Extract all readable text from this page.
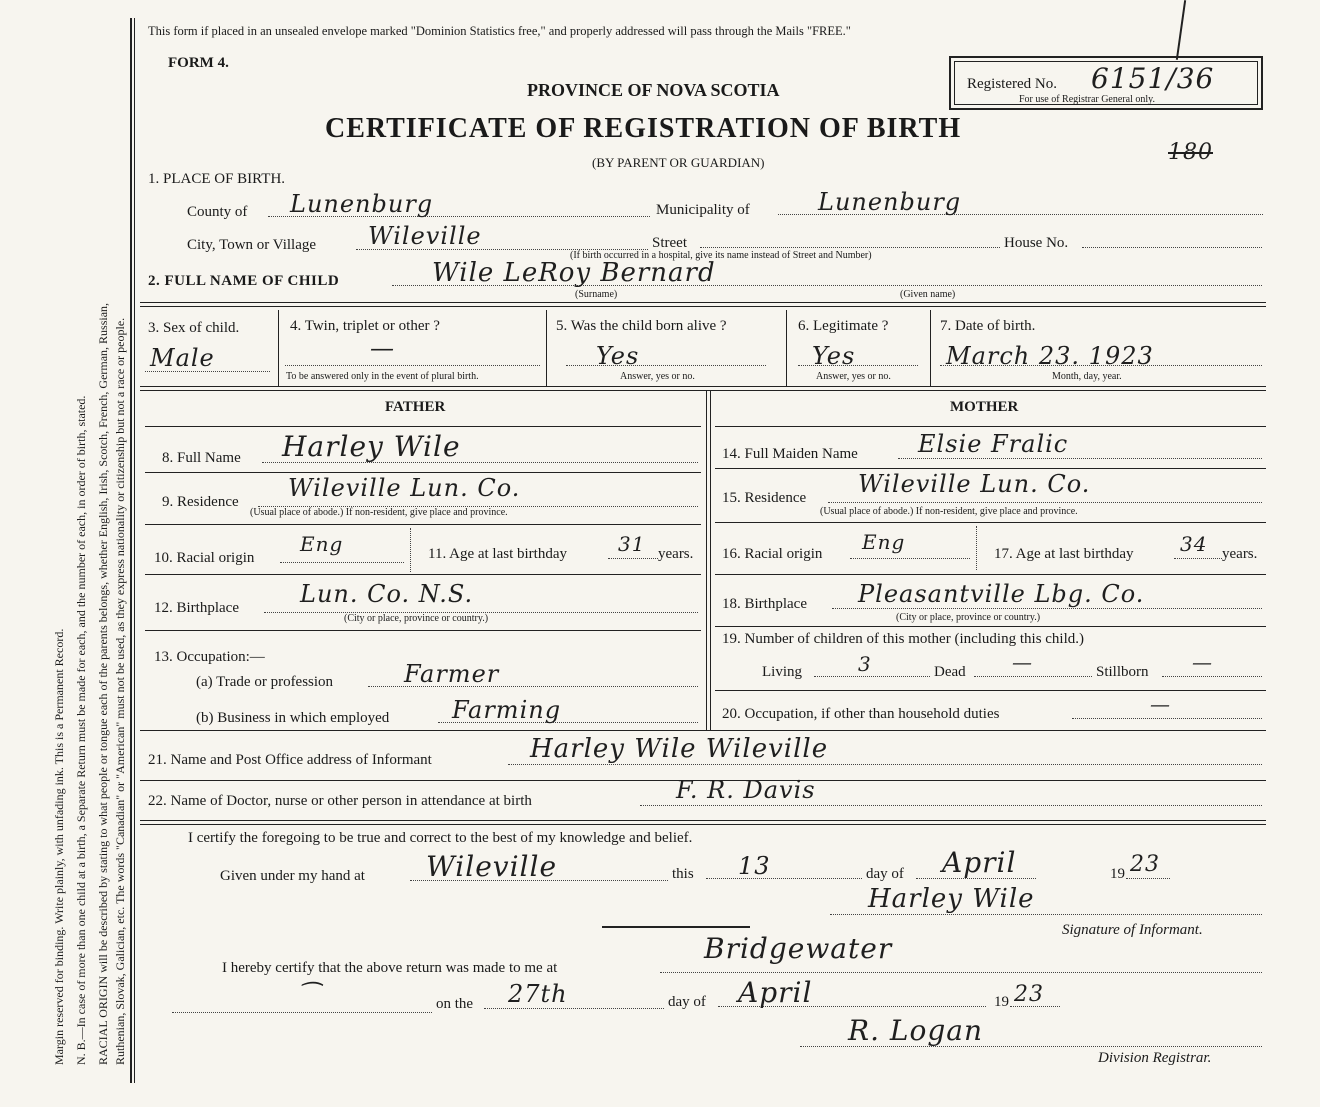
Margin reserved for binding. Write plainly, with unfading ink. This is a Permanent Record. N. B.—In case of more than one child at a birth, a Separate Return must be made for each, and the number of each, in order of birth, stated. RACIAL ORIGIN will be described by stating to what people or tongue each of the parents belongs, whether English, Irish, Scotch, French, German, Russian, Ruthenian, Slovak, Galician, etc. The words "Canadian" or "American" must not be used, as they express nationality or citizenship but not a race or people.
This form if placed in an unsealed envelope marked "Dominion Statistics free," and properly addressed will pass through the Mails "FREE."
FORM 4.
PROVINCE OF NOVA SCOTIA
CERTIFICATE OF REGISTRATION OF BIRTH
(BY PARENT OR GUARDIAN)
Registered No. 6151/36
For use of Registrar General only.
180
1. PLACE OF BIRTH.
County of Lunenburg	Municipality of	Lunenburg
City, Town or Village Wileville	Street
(If birth occurred in a hospital, give its name instead of Street and Number)
House No.
2. FULL NAME OF CHILD	Wile LeRoy Bernard
(Surname)	(Given name)
3. Sex of child.
Male
4. Twin, triplet or other ?
—
To be answered only in the event of plural birth.
5. Was the child born alive ?
Yes
Answer, yes or no.
6. Legitimate ?
Yes
Answer, yes or no.
7. Date of birth.
March 23. 1923
Month, day, year.
FATHER	MOTHER
8. Full Name Harley Wile
9. Residence Wileville Lun. Co.
(Usual place of abode.) If non-resident, give place and province.
10. Racial origin
Eng	11. Age at last birthday	31 years.
12. Birthplace	Lun. Co. N.S.
(City or place, province or country.)
13. Occupation:—
(a) Trade or profession	Farmer
(b) Business in which employed	Farming
14. Full Maiden Name	Elsie Fralic
15. Residence Wileville Lun. Co.
(Usual place of abode.) If non-resident, give place and province.
16. Racial origin Eng	17. Age at last birthday 34 years.
18. Birthplace Pleasantville Lbg. Co.
(City or place, province or country.)
19. Number of children of this mother (including this child.)
Living	3	Dead —	Stillborn —
20. Occupation, if other than household duties	—
21. Name and Post Office address of Informant	Harley Wile Wileville
22. Name of Doctor, nurse or other person in attendance at birth	F. R. Davis
I certify the foregoing to be true and correct to the best of my knowledge and belief.
Given under my hand at Wileville	this 13	day of April	19 23
Harley Wile
Signature of Informant.
I hereby certify that the above return was made to me at
Bridgewater
⁀	on the 27th	day of April	19 23
R. Logan
Division Registrar.
